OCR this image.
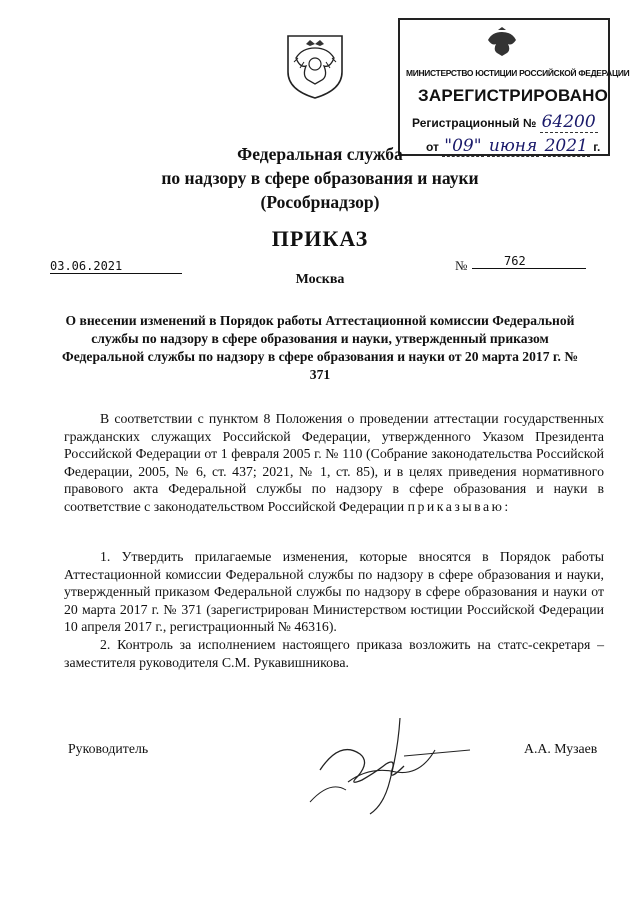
МИНИСТЕРСТВО ЮСТИЦИИ РОССИЙСКОЙ ФЕДЕРАЦИИ
ЗАРЕГИСТРИРОВАНО
Регистрационный № 64200
от "09" июня 2021 г.
Федеральная служба
по надзору в сфере образования и науки
(Рособрнадзор)
ПРИКАЗ
03.06.2021	№	762
Москва
О внесении изменений в Порядок работы Аттестационной комиссии Федеральной службы по надзору в сфере образования и науки, утвержденный приказом Федеральной службы по надзору в сфере образования и науки от 20 марта 2017 г. № 371
В соответствии с пунктом 8 Положения о проведении аттестации государственных гражданских служащих Российской Федерации, утвержденного Указом Президента Российской Федерации от 1 февраля 2005 г. № 110 (Собрание законодательства Российской Федерации, 2005, № 6, ст. 437; 2021, № 1, ст. 85), и в целях приведения нормативного правового акта Федеральной службы по надзору в сфере образования и науки в соответствие с законодательством Российской Федерации приказываю:
1. Утвердить прилагаемые изменения, которые вносятся в Порядок работы Аттестационной комиссии Федеральной службы по надзору в сфере образования и науки, утвержденный приказом Федеральной службы по надзору в сфере образования и науки от 20 марта 2017 г. № 371 (зарегистрирован Министерством юстиции Российской Федерации 10 апреля 2017 г., регистрационный № 46316).
2. Контроль за исполнением настоящего приказа возложить на статс-секретаря – заместителя руководителя С.М. Рукавишникова.
Руководитель	А.А. Музаев
